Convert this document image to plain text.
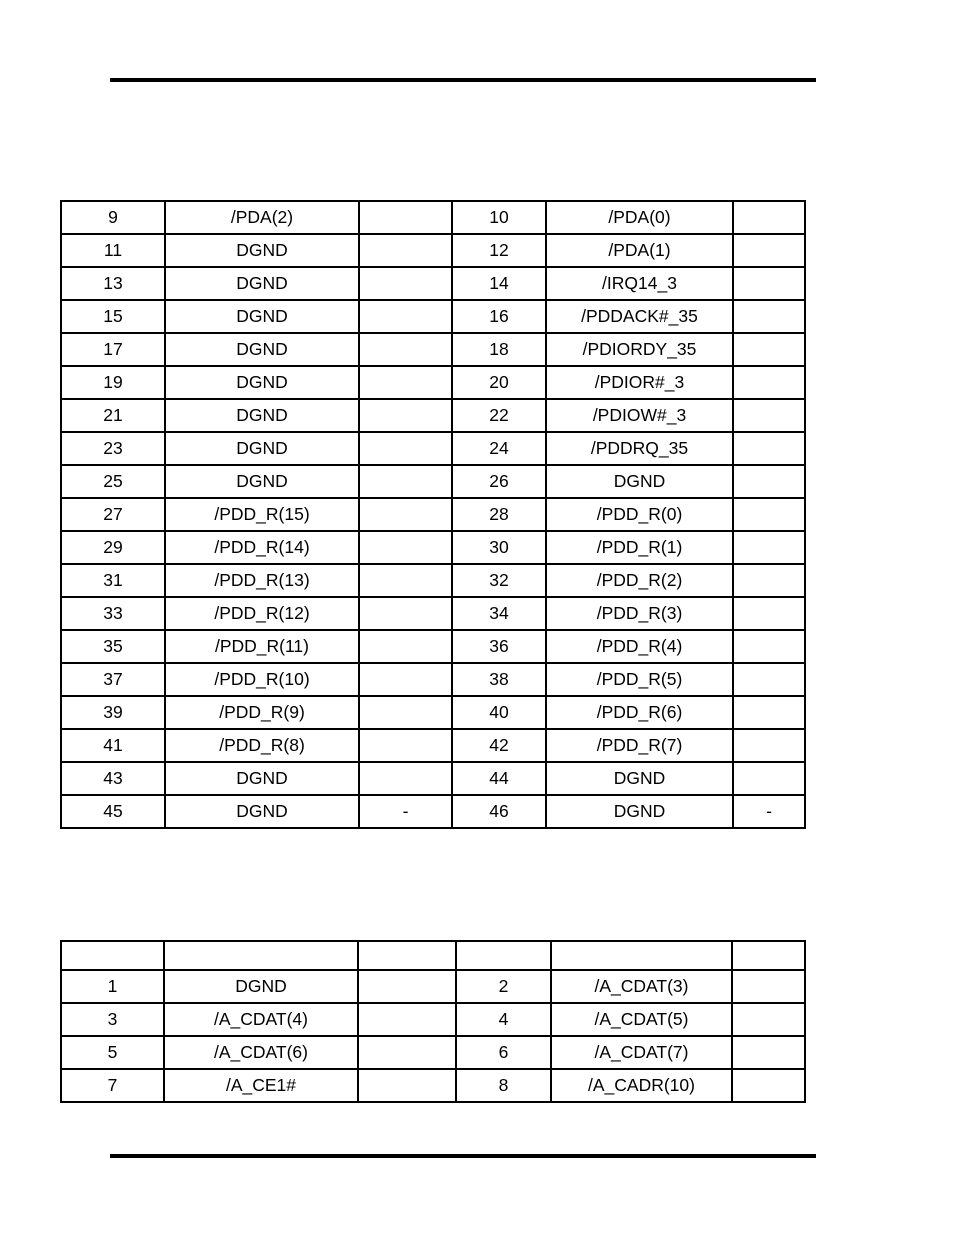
9	/PDA(2)		10	/PDA(0)	
11	DGND		12	/PDA(1)	
13	DGND		14	/IRQ14_3	
15	DGND		16	/PDDACK#_35	
17	DGND		18	/PDIORDY_35	
19	DGND		20	/PDIOR#_3	
21	DGND		22	/PDIOW#_3	
23	DGND		24	/PDDRQ_35	
25	DGND		26	DGND	
27	/PDD_R(15)		28	/PDD_R(0)	
29	/PDD_R(14)		30	/PDD_R(1)	
31	/PDD_R(13)		32	/PDD_R(2)	
33	/PDD_R(12)		34	/PDD_R(3)	
35	/PDD_R(11)		36	/PDD_R(4)	
37	/PDD_R(10)		38	/PDD_R(5)	
39	/PDD_R(9)		40	/PDD_R(6)	
41	/PDD_R(8)		42	/PDD_R(7)	
43	DGND		44	DGND	
45	DGND	-	46	DGND	-

1	DGND		2	/A_CDAT(3)	
3	/A_CDAT(4)		4	/A_CDAT(5)	
5	/A_CDAT(6)		6	/A_CDAT(7)	
7	/A_CE1#		8	/A_CADR(10)	
